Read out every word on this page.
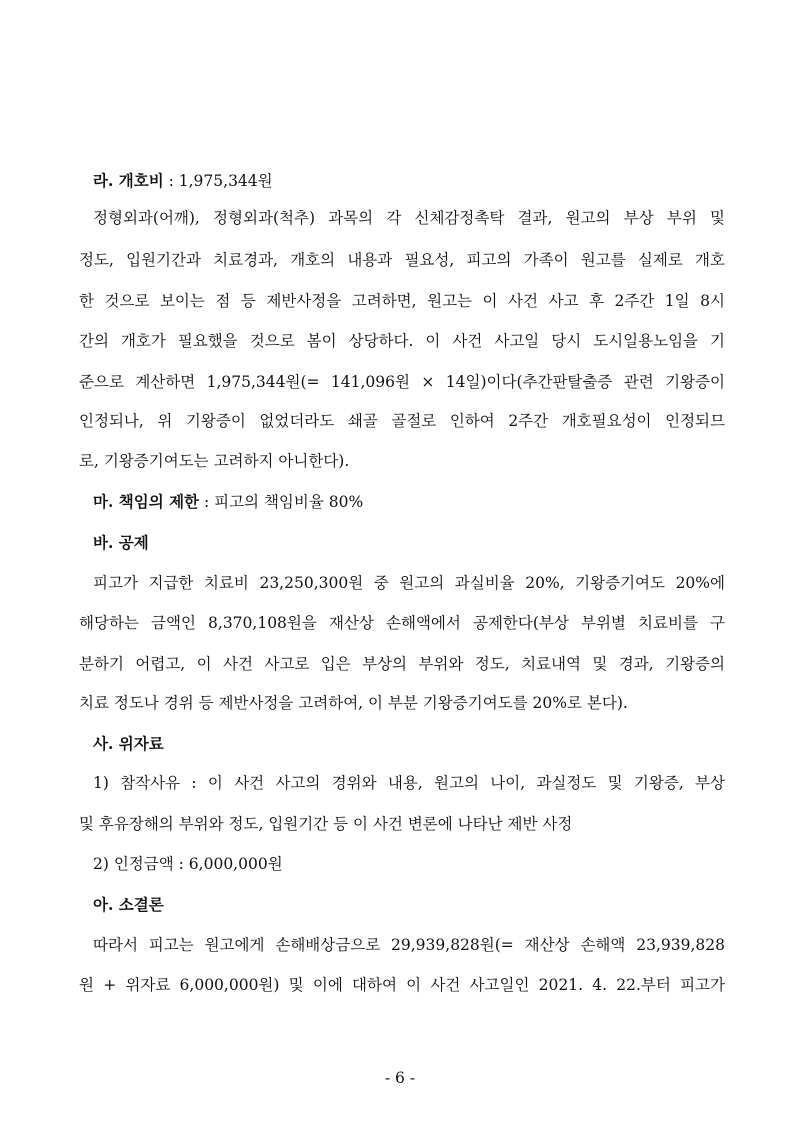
라. 개호비 : 1,975,344원
정형외과(어깨), 정형외과(척추) 과목의 각 신체감정촉탁 결과, 원고의 부상 부위 및
정도, 입원기간과 치료경과, 개호의 내용과 필요성, 피고의 가족이 원고를 실제로 개호
한 것으로 보이는 점 등 제반사정을 고려하면, 원고는 이 사건 사고 후 2주간 1일 8시
간의 개호가 필요했을 것으로 봄이 상당하다. 이 사건 사고일 당시 도시일용노임을 기
준으로 계산하면 1,975,344원(= 141,096원 × 14일)이다(추간판탈출증 관련 기왕증이
인정되나, 위 기왕증이 없었더라도 쇄골 골절로 인하여 2주간 개호필요성이 인정되므
로, 기왕증기여도는 고려하지 아니한다).
마. 책임의 제한 : 피고의 책임비율 80%
바. 공제
피고가 지급한 치료비 23,250,300원 중 원고의 과실비율 20%, 기왕증기여도 20%에
해당하는 금액인 8,370,108원을 재산상 손해액에서 공제한다(부상 부위별 치료비를 구
분하기 어렵고, 이 사건 사고로 입은 부상의 부위와 정도, 치료내역 및 경과, 기왕증의
치료 정도나 경위 등 제반사정을 고려하여, 이 부분 기왕증기여도를 20%로 본다).
사. 위자료
1) 참작사유 : 이 사건 사고의 경위와 내용, 원고의 나이, 과실정도 및 기왕증, 부상
및 후유장해의 부위와 정도, 입원기간 등 이 사건 변론에 나타난 제반 사정
2) 인정금액 : 6,000,000원
아. 소결론
따라서 피고는 원고에게 손해배상금으로 29,939,828원(= 재산상 손해액 23,939,828
원 + 위자료 6,000,000원) 및 이에 대하여 이 사건 사고일인 2021. 4. 22.부터 피고가
- 6 -
